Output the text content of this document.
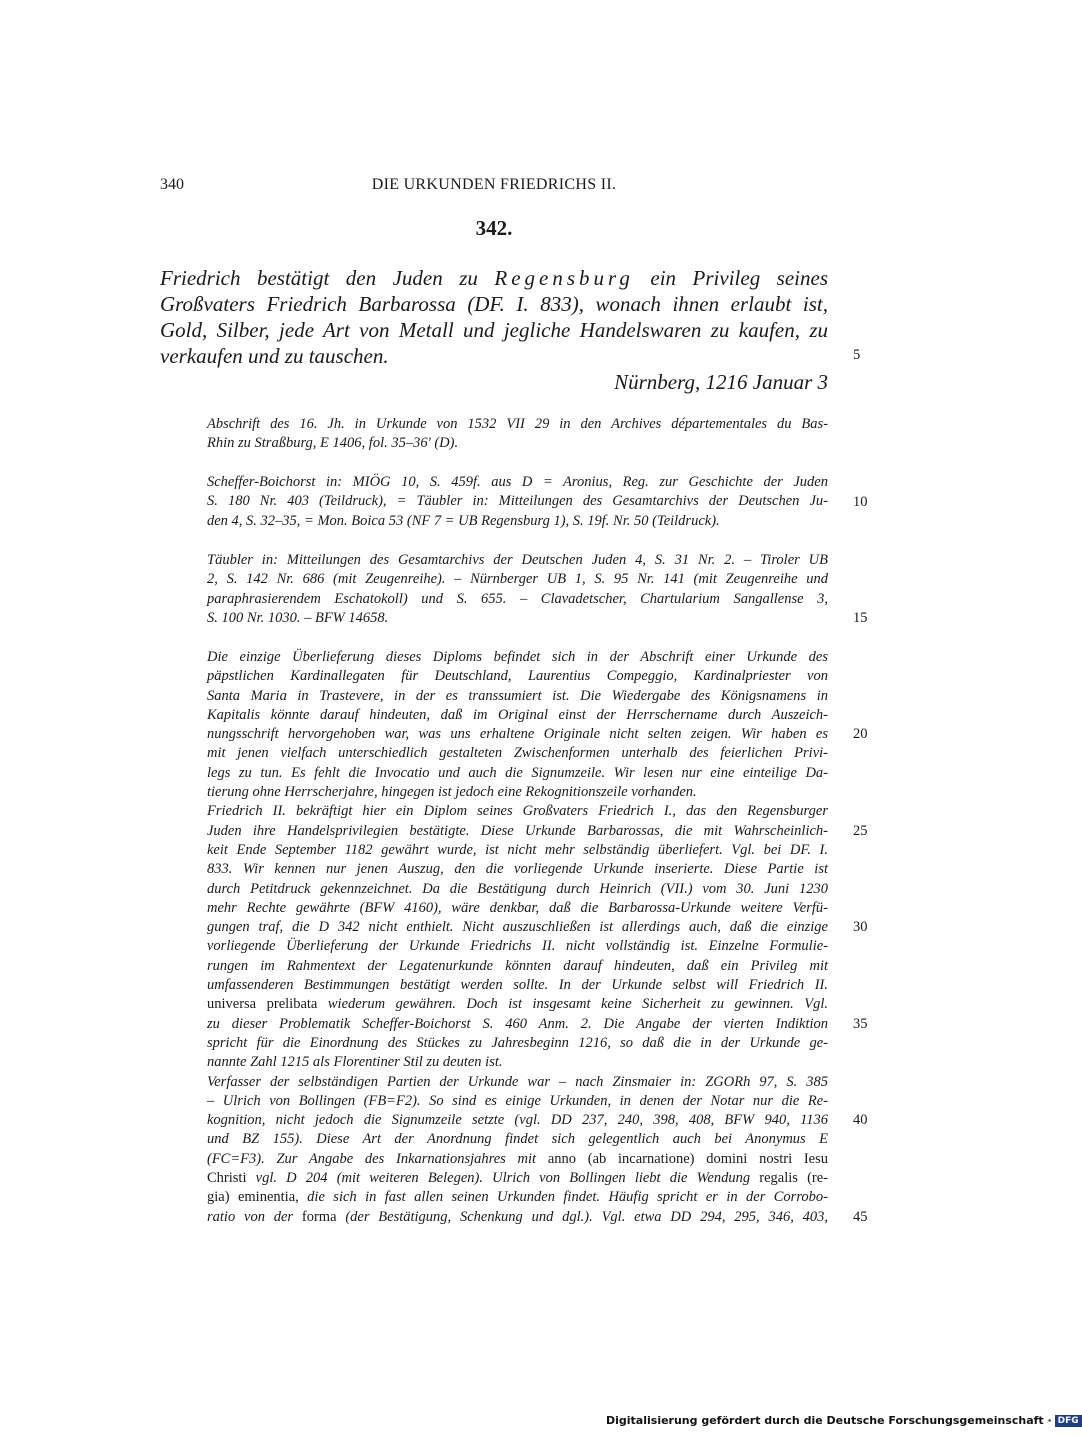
340	DIE URKUNDEN FRIEDRICHS II.
342.
Friedrich bestätigt den Juden zu Regensburg ein Privileg seines
Großvaters Friedrich Barbarossa (DF. I. 833), wonach ihnen erlaubt ist,
Gold, Silber, jede Art von Metall und jegliche Handelswaren zu kaufen, zu
verkaufen und zu tauschen.
Nürnberg, 1216 Januar 3
Abschrift des 16. Jh. in Urkunde von 1532 VII 29 in den Archives départementales du Bas-
Rhin zu Straßburg, E 1406, fol. 35–36' (D).
Scheffer-Boichorst in: MIÖG 10, S. 459f. aus D = Aronius, Reg. zur Geschichte der Juden
S. 180 Nr. 403 (Teildruck), = Täubler in: Mitteilungen des Gesamtarchivs der Deutschen Ju-
den 4, S. 32–35, = Mon. Boica 53 (NF 7 = UB Regensburg 1), S. 19f. Nr. 50 (Teildruck).
Täubler in: Mitteilungen des Gesamtarchivs der Deutschen Juden 4, S. 31 Nr. 2. – Tiroler UB
2, S. 142 Nr. 686 (mit Zeugenreihe). – Nürnberger UB 1, S. 95 Nr. 141 (mit Zeugenreihe und
paraphrasierendem Eschatokoll) und S. 655. – Clavadetscher, Chartularium Sangallense 3,
S. 100 Nr. 1030. – BFW 14658.
Die einzige Überlieferung dieses Diploms befindet sich in der Abschrift einer Urkunde des
päpstlichen Kardinallegaten für Deutschland, Laurentius Compeggio, Kardinalpriester von
Santa Maria in Trastevere, in der es transsumiert ist. Die Wiedergabe des Königsnamens in
Kapitalis könnte darauf hindeuten, daß im Original einst der Herrschername durch Auszeich-
nungsschrift hervorgehoben war, was uns erhaltene Originale nicht selten zeigen. Wir haben es
mit jenen vielfach unterschiedlich gestalteten Zwischenformen unterhalb des feierlichen Privi-
legs zu tun. Es fehlt die Invocatio und auch die Signumzeile. Wir lesen nur eine einteilige Da-
tierung ohne Herrscherjahre, hingegen ist jedoch eine Rekognitionszeile vorhanden.
Friedrich II. bekräftigt hier ein Diplom seines Großvaters Friedrich I., das den Regensburger
Juden ihre Handelsprivilegien bestätigte. Diese Urkunde Barbarossas, die mit Wahrscheinlich-
keit Ende September 1182 gewährt wurde, ist nicht mehr selbständig überliefert. Vgl. bei DF. I.
833. Wir kennen nur jenen Auszug, den die vorliegende Urkunde inserierte. Diese Partie ist
durch Petitdruck gekennzeichnet. Da die Bestätigung durch Heinrich (VII.) vom 30. Juni 1230
mehr Rechte gewährte (BFW 4160), wäre denkbar, daß die Barbarossa-Urkunde weitere Verfü-
gungen traf, die D 342 nicht enthielt. Nicht auszuschließen ist allerdings auch, daß die einzige
vorliegende Überlieferung der Urkunde Friedrichs II. nicht vollständig ist. Einzelne Formulie-
rungen im Rahmentext der Legatenurkunde könnten darauf hindeuten, daß ein Privileg mit
umfassenderen Bestimmungen bestätigt werden sollte. In der Urkunde selbst will Friedrich II.
universa prelibata wiederum gewähren. Doch ist insgesamt keine Sicherheit zu gewinnen. Vgl.
zu dieser Problematik Scheffer-Boichorst S. 460 Anm. 2. Die Angabe der vierten Indiktion
spricht für die Einordnung des Stückes zu Jahresbeginn 1216, so daß die in der Urkunde ge-
nannte Zahl 1215 als Florentiner Stil zu deuten ist.
Verfasser der selbständigen Partien der Urkunde war – nach Zinsmaier in: ZGORh 97, S. 385
– Ulrich von Bollingen (FB=F2). So sind es einige Urkunden, in denen der Notar nur die Re-
kognition, nicht jedoch die Signumzeile setzte (vgl. DD 237, 240, 398, 408, BFW 940, 1136
und BZ 155). Diese Art der Anordnung findet sich gelegentlich auch bei Anonymus E
(FC=F3). Zur Angabe des Inkarnationsjahres mit anno (ab incarnatione) domini nostri Iesu
Christi vgl. D 204 (mit weiteren Belegen). Ulrich von Bollingen liebt die Wendung regalis (re-
gia) eminentia, die sich in fast allen seinen Urkunden findet. Häufig spricht er in der Corrobo-
ratio von der forma (der Bestätigung, Schenkung und dgl.). Vgl. etwa DD 294, 295, 346, 403,
5
10
15
20
25
30
35
40
45
Digitalisierung gefördert durch die Deutsche Forschungsgemeinschaft · DFG
